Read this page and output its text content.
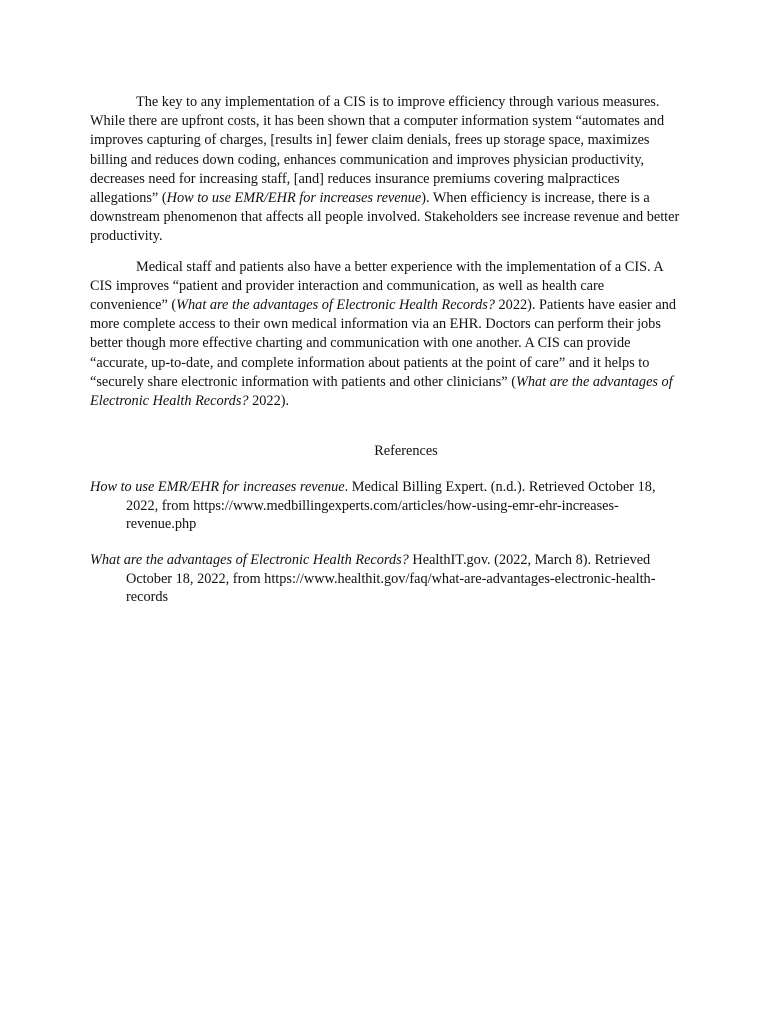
The key to any implementation of a CIS is to improve efficiency through various measures. While there are upfront costs, it has been shown that a computer information system “automates and improves capturing of charges, [results in] fewer claim denials, frees up storage space, maximizes billing and reduces down coding, enhances communication and improves physician productivity, decreases need for increasing staff, [and] reduces insurance premiums covering malpractices allegations” (How to use EMR/EHR for increases revenue). When efficiency is increase, there is a downstream phenomenon that affects all people involved. Stakeholders see increase revenue and better productivity.

Medical staff and patients also have a better experience with the implementation of a CIS. A CIS improves “patient and provider interaction and communication, as well as health care convenience” (What are the advantages of Electronic Health Records? 2022). Patients have easier and more complete access to their own medical information via an EHR. Doctors can perform their jobs better though more effective charting and communication with one another. A CIS can provide “accurate, up-to-date, and complete information about patients at the point of care” and it helps to “securely share electronic information with patients and other clinicians” (What are the advantages of Electronic Health Records? 2022).

References

How to use EMR/EHR for increases revenue. Medical Billing Expert. (n.d.). Retrieved October 18, 2022, from https://www.medbillingexperts.com/articles/how-using-emr-ehr-increases-revenue.php

What are the advantages of Electronic Health Records? HealthIT.gov. (2022, March 8). Retrieved October 18, 2022, from https://www.healthit.gov/faq/what-are-advantages-electronic-health-records
